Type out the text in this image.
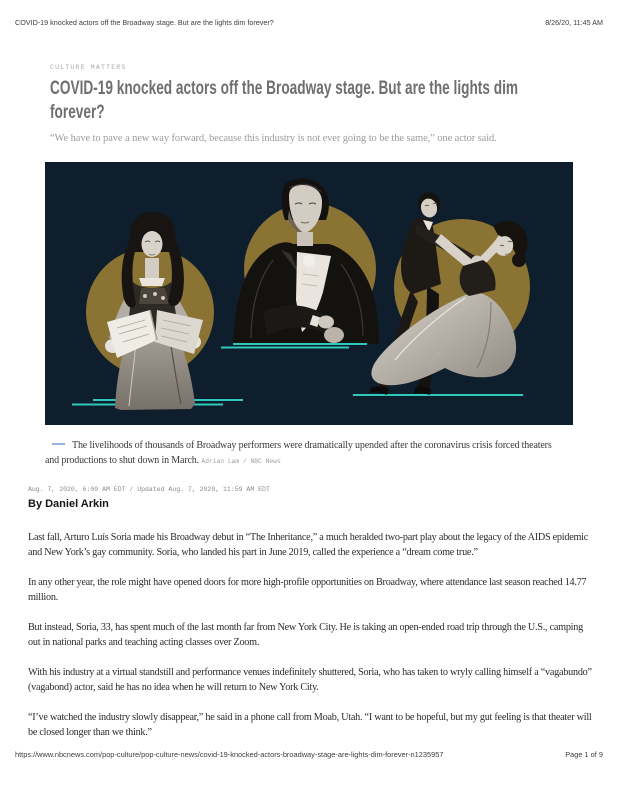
COVID-19 knocked actors off the Broadway stage. But are the lights dim forever?	8/26/20, 11:45 AM
CULTURE MATTERS
COVID-19 knocked actors off the Broadway stage. But are the lights dim forever?
“We have to pave a new way forward, because this industry is not ever going to be the same,” one actor said.
The livelihoods of thousands of Broadway performers were dramatically upended after the coronavirus crisis forced theaters and productions to shut down in March. Adrian Lam / NBC News
Aug. 7, 2020, 6:00 AM EDT / Updated Aug. 7, 2020, 11:59 AM EDT
By Daniel Arkin

Last fall, Arturo Luís Soria made his Broadway debut in “The Inheritance,” a much heralded two-part play about the legacy of the AIDS epidemic and New York’s gay community. Soria, who landed his part in June 2019, called the experience a “dream come true.”

In any other year, the role might have opened doors for more high-profile opportunities on Broadway, where attendance last season reached 14.77 million.

But instead, Soria, 33, has spent much of the last month far from New York City. He is taking an open-ended road trip through the U.S., camping out in national parks and teaching acting classes over Zoom.

With his industry at a virtual standstill and performance venues indefinitely shuttered, Soria, who has taken to wryly calling himself a “vagabundo” (vagabond) actor, said he has no idea when he will return to New York City.

“I’ve watched the industry slowly disappear,” he said in a phone call from Moab, Utah. “I want to be hopeful, but my gut feeling is that theater will be closed longer than we think.”

https://www.nbcnews.com/pop-culture/pop-culture-news/covid-19-knocked-actors-broadway-stage-are-lights-dim-forever-n1235957	Page 1 of 9
